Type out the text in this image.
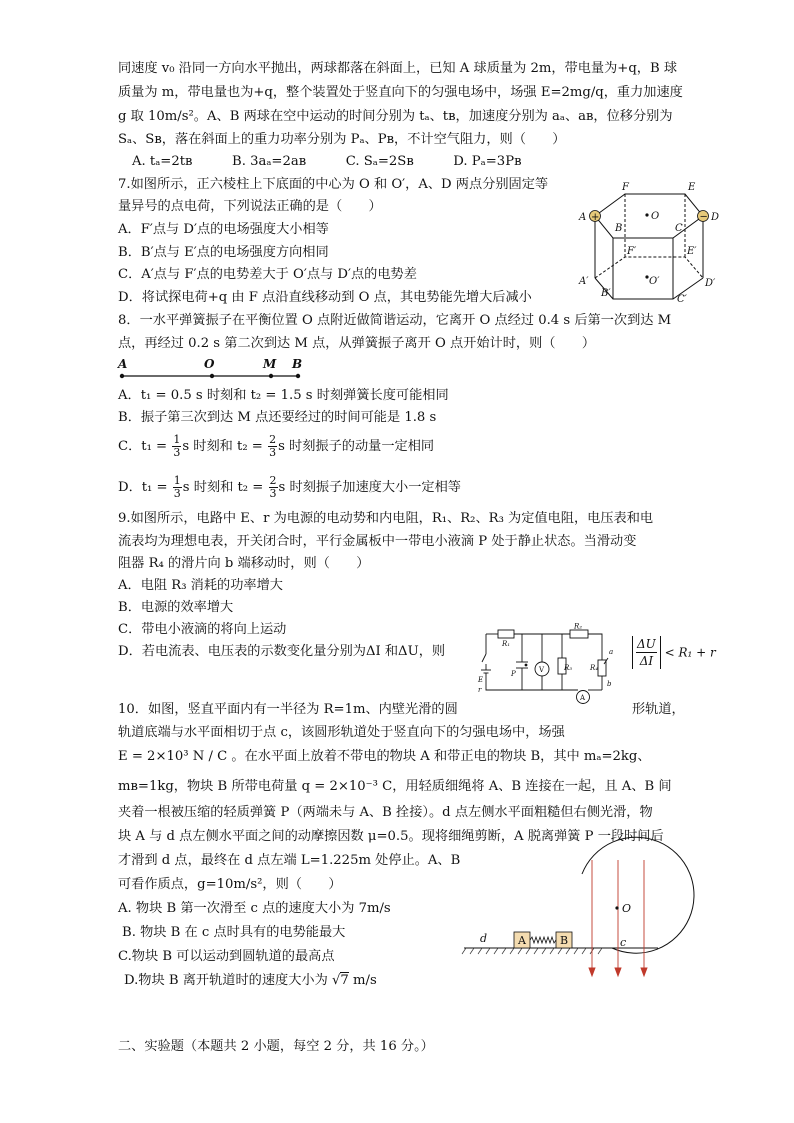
同速度 v₀ 沿同一方向水平抛出，两球都落在斜面上，已知 A 球质量为 2m，带电量为+q，B 球
质量为 m，带电量也为+q，整个装置处于竖直向下的匀强电场中，场强 E=2mg/q，重力加速度
g 取 10m/s²。A、B 两球在空中运动的时间分别为 tₐ、tʙ，加速度分别为 aₐ、aʙ，位移分别为
Sₐ、Sʙ，落在斜面上的重力功率分别为 Pₐ、Pʙ，不计空气阻力，则（　　）
A. tₐ=2tʙ　　　B. 3aₐ=2aʙ　　　C. Sₐ=2Sʙ　　　D. Pₐ=3Pʙ
7.如图所示，正六棱柱上下底面的中心为 O 和 O′，A、D 两点分别固定等
量异号的点电荷，下列说法正确的是（　　）
A．F′点与 D′点的电场强度大小相等
B．B′点与 E′点的电场强度方向相同
C．A′点与 F′点的电势差大于 O′点与 D′点的电势差
D．将试探电荷+q 由 F 点沿直线移动到 O 点，其电势能先增大后减小
+	−
F	E
A	D
O
B	C
F′	E′
O′
A′	D′
B′
C′
8．一水平弹簧振子在平衡位置 O 点附近做简谐运动，它离开 O 点经过 0.4 s 后第一次到达 M
点，再经过 0.2 s 第二次到达 M 点，从弹簧振子离开 O 点开始计时，则（　　）
A	O	M B
A．t₁ = 0.5 s 时刻和 t₂ = 1.5 s 时刻弹簧长度可能相同
B．振子第三次到达 M 点还要经过的时间可能是 1.8 s
C．$t_1 = \frac{1}{3}$ s 时刻和 $t_2 = \frac{2}{3}$ s 时刻振子的动量一定相同
D．$t_1 = \frac{1}{3}$ s 时刻和 $t_2 = \frac{2}{3}$ s 时刻振子加速度大小一定相等
9.如图所示，电路中 E、r 为电源的电动势和内电阻，R₁、R₂、R₃ 为定值电阻，电压表和电
流表均为理想电表，开关闭合时，平行金属板中一带电小液滴 P 处于静止状态。当滑动变
阻器 R₄ 的滑片向 b 端移动时，则（　　）
A．电阻 R₃ 消耗的功率增大
B．电源的效率增大
C．带电小液滴的将向上运动
D．若电流表、电压表的示数变化量分别为ΔI 和ΔU，则	R₁
R₂
R₃	R₄
V
A
E
r
P
a
b
$\frac{\Delta U}{\Delta I} < R_1 + r$
10．如图，竖直平面内有一半径为 R=1m、内壁光滑的圆	形轨道，
轨道底端与水平面相切于点 c，该圆形轨道处于竖直向下的匀强电场中，场强
E = 2×10³ N / C 。在水平面上放着不带电的物块 A 和带正电的物块 B，其中 mₐ=2kg、
mʙ=1kg，物块 B 所带电荷量 q = 2×10⁻³ C，用轻质细绳将 A、B 连接在一起，且 A、B 间
夹着一根被压缩的轻质弹簧 P（两端未与 A、B 拴接）。d 点左侧水平面粗糙但右侧光滑，物
块 A 与 d 点左侧水平面之间的动摩擦因数 μ=0.5。现将细绳剪断，A 脱离弹簧 P 一段时间后
才滑到 d 点，最终在 d 点左端 L=1.225m 处停止。A、B
可看作质点，g=10m/s²，则（　　）
A. 物块 B 第一次滑至 c 点的速度大小为 7m/s
B. 物块 B 在 c 点时具有的电势能最大
C.物块 B 可以运动到圆轨道的最高点
D.物块 B 离开轨道时的速度大小为 √7 m/s
A	B
O
c
d
二、实验题（本题共 2 小题，每空 2 分，共 16 分。）
